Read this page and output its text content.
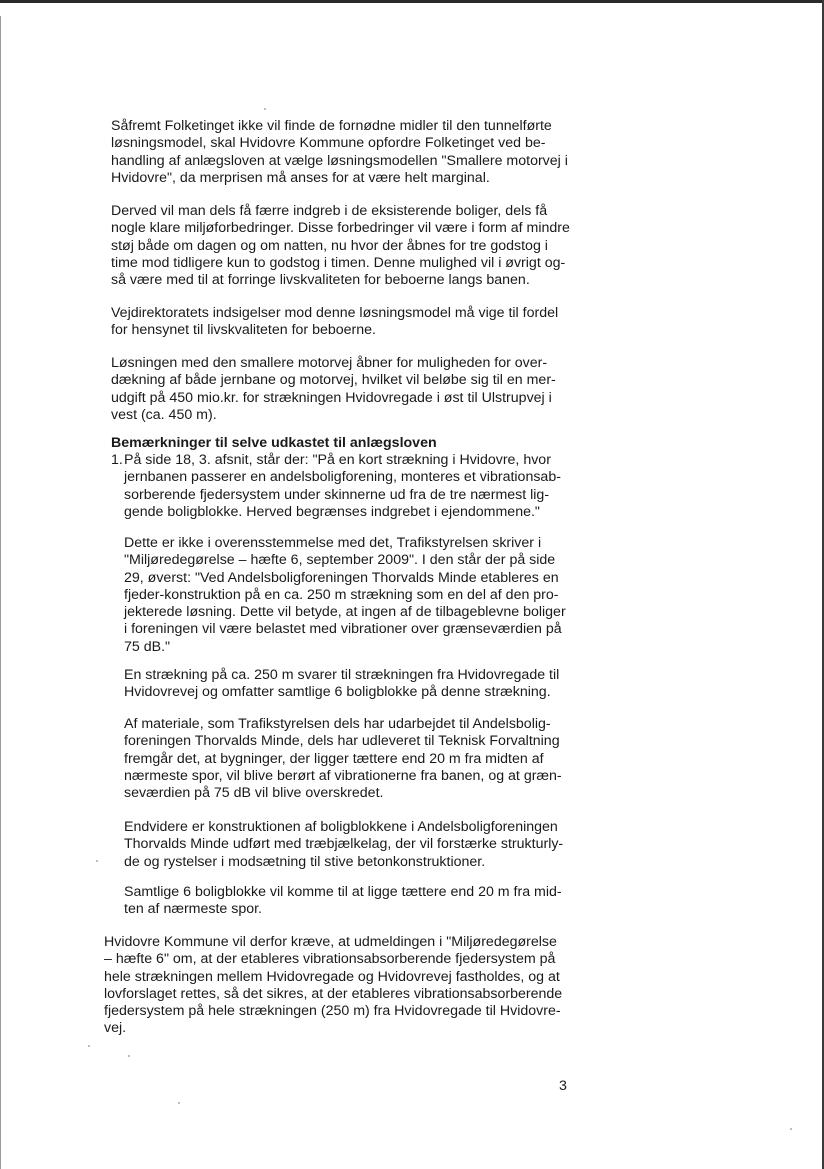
Såfremt Folketinget ikke vil finde de fornødne midler til den tunnelførte
løsningsmodel, skal Hvidovre Kommune opfordre Folketinget ved be-
handling af anlægsloven at vælge løsningsmodellen "Smallere motorvej i
Hvidovre", da merprisen må anses for at være helt marginal.

Derved vil man dels få færre indgreb i de eksisterende boliger, dels få
nogle klare miljøforbedringer. Disse forbedringer vil være i form af mindre
støj både om dagen og om natten, nu hvor der åbnes for tre godstog i
time mod tidligere kun to godstog i timen. Denne mulighed vil i øvrigt og-
så være med til at forringe livskvaliteten for beboerne langs banen.

Vejdirektoratets indsigelser mod denne løsningsmodel må vige til fordel
for hensynet til livskvaliteten for beboerne.

Løsningen med den smallere motorvej åbner for muligheden for over-
dækning af både jernbane og motorvej, hvilket vil beløbe sig til en mer-
udgift på 450 mio.kr. for strækningen Hvidovregade i øst til Ulstrupvej i
vest (ca. 450 m).

Bemærkninger til selve udkastet til anlægsloven

1. På side 18, 3. afsnit, står der: "På en kort strækning i Hvidovre, hvor
jernbanen passerer en andelsboligforening, monteres et vibrationsab-
sorberende fjedersystem under skinnerne ud fra de tre nærmest lig-
gende boligblokke. Herved begrænses indgrebet i ejendommene."

Dette er ikke i overensstemmelse med det, Trafikstyrelsen skriver i
"Miljøredegørelse – hæfte 6, september 2009". I den står der på side
29, øverst: "Ved Andelsboligforeningen Thorvalds Minde etableres en
fjeder-konstruktion på en ca. 250 m strækning som en del af den pro-
jekterede løsning. Dette vil betyde, at ingen af de tilbageblevne boliger
i foreningen vil være belastet med vibrationer over grænseværdien på
75 dB."

En strækning på ca. 250 m svarer til strækningen fra Hvidovregade til
Hvidovrevej og omfatter samtlige 6 boligblokke på denne strækning.

Af materiale, som Trafikstyrelsen dels har udarbejdet til Andelsbolig-
foreningen Thorvalds Minde, dels har udleveret til Teknisk Forvaltning
fremgår det, at bygninger, der ligger tættere end 20 m fra midten af
nærmeste spor, vil blive berørt af vibrationerne fra banen, og at græn-
seværdien på 75 dB vil blive overskredet.

Endvidere er konstruktionen af boligblokkene i Andelsboligforeningen
Thorvalds Minde udført med træbjælkelag, der vil forstærke strukturly-
de og rystelser i modsætning til stive betonkonstruktioner.

Samtlige 6 boligblokke vil komme til at ligge tættere end 20 m fra mid-
ten af nærmeste spor.

Hvidovre Kommune vil derfor kræve, at udmeldingen i "Miljøredegørelse
– hæfte 6" om, at der etableres vibrationsabsorberende fjedersystem på
hele strækningen mellem Hvidovregade og Hvidovrevej fastholdes, og at
lovforslaget rettes, så det sikres, at der etableres vibrationsabsorberende
fjedersystem på hele strækningen (250 m) fra Hvidovregade til Hvidovre-
vej.

3
